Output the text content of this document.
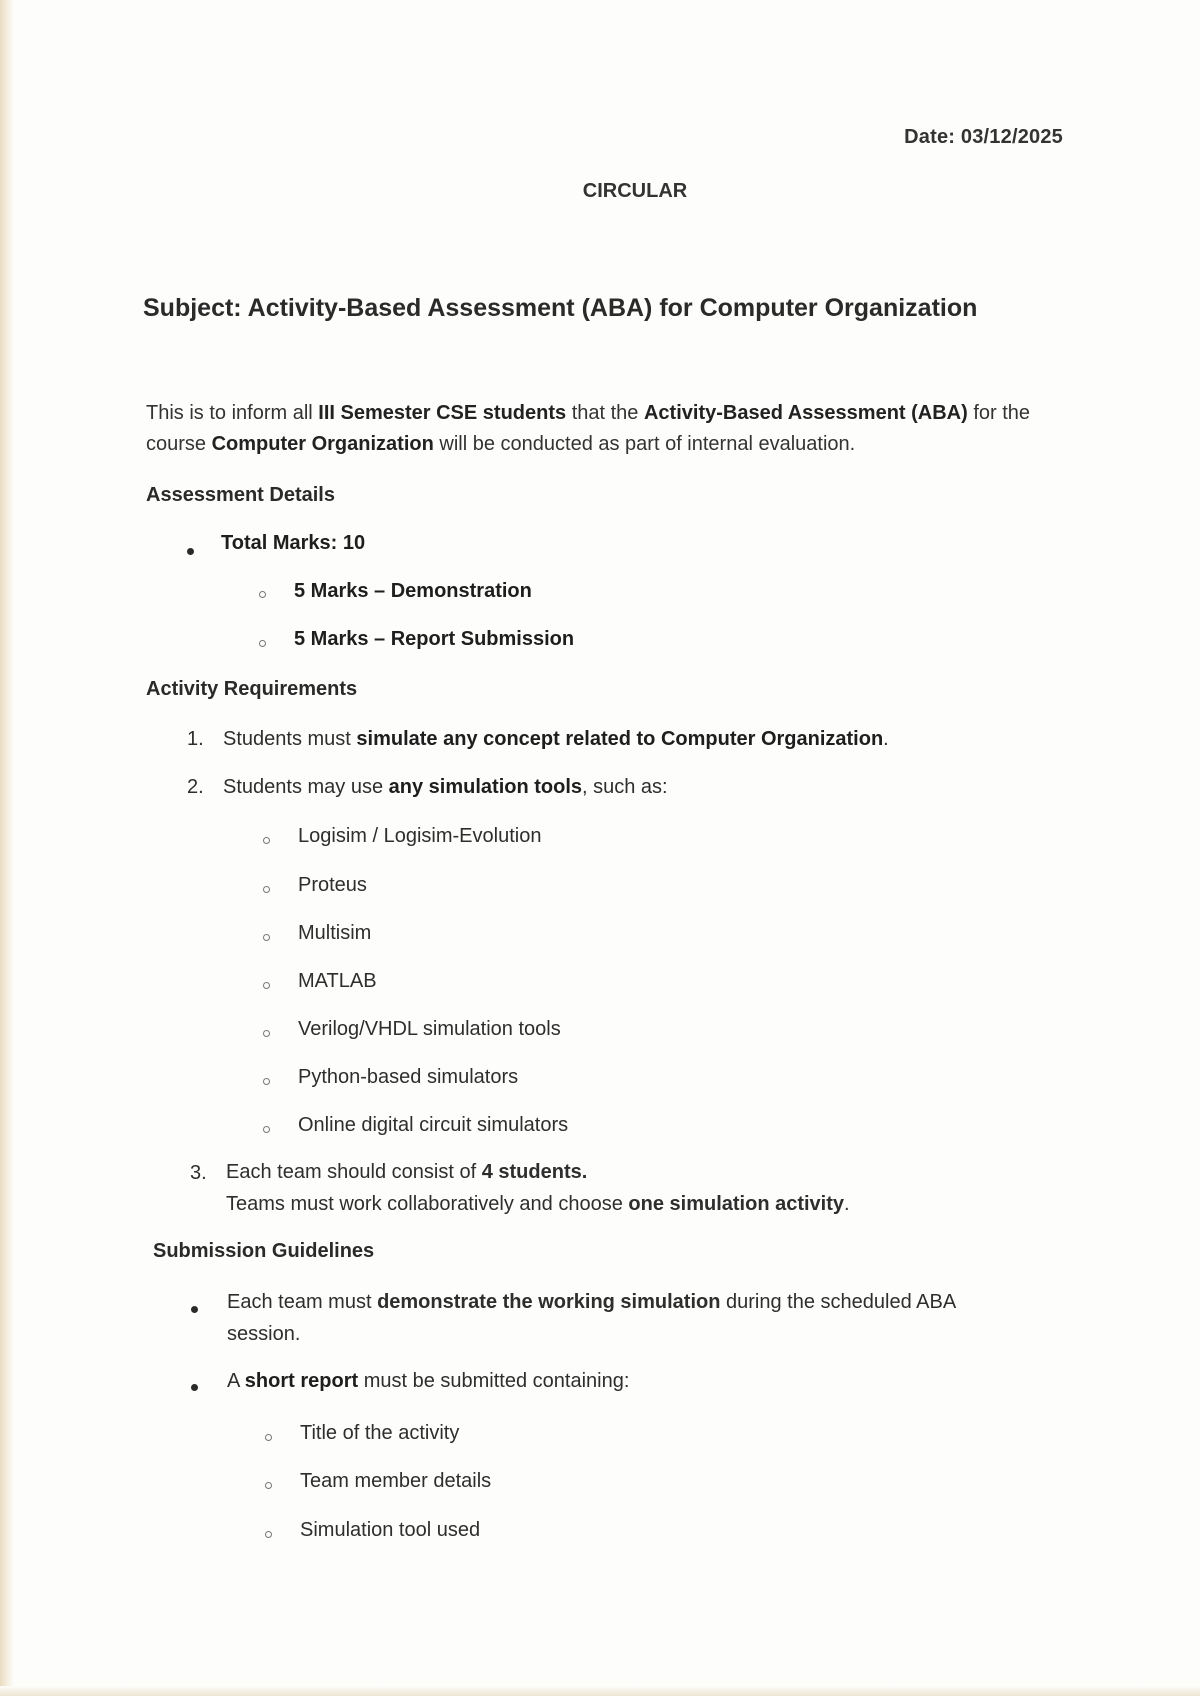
Date: 03/12/2025
CIRCULAR
Subject: Activity-Based Assessment (ABA) for Computer Organization
This is to inform all III Semester CSE students that the Activity-Based Assessment (ABA) for the course Computer Organization will be conducted as part of internal evaluation.
Assessment Details
Total Marks: 10
5 Marks – Demonstration
5 Marks – Report Submission
Activity Requirements
1. Students must simulate any concept related to Computer Organization.
2. Students may use any simulation tools, such as:
Logisim / Logisim-Evolution
Proteus
Multisim
MATLAB
Verilog/VHDL simulation tools
Python-based simulators
Online digital circuit simulators
3. Each team should consist of 4 students.
Teams must work collaboratively and choose one simulation activity.
Submission Guidelines
Each team must demonstrate the working simulation during the scheduled ABA
session.
A short report must be submitted containing:
Title of the activity
Team member details
Simulation tool used
